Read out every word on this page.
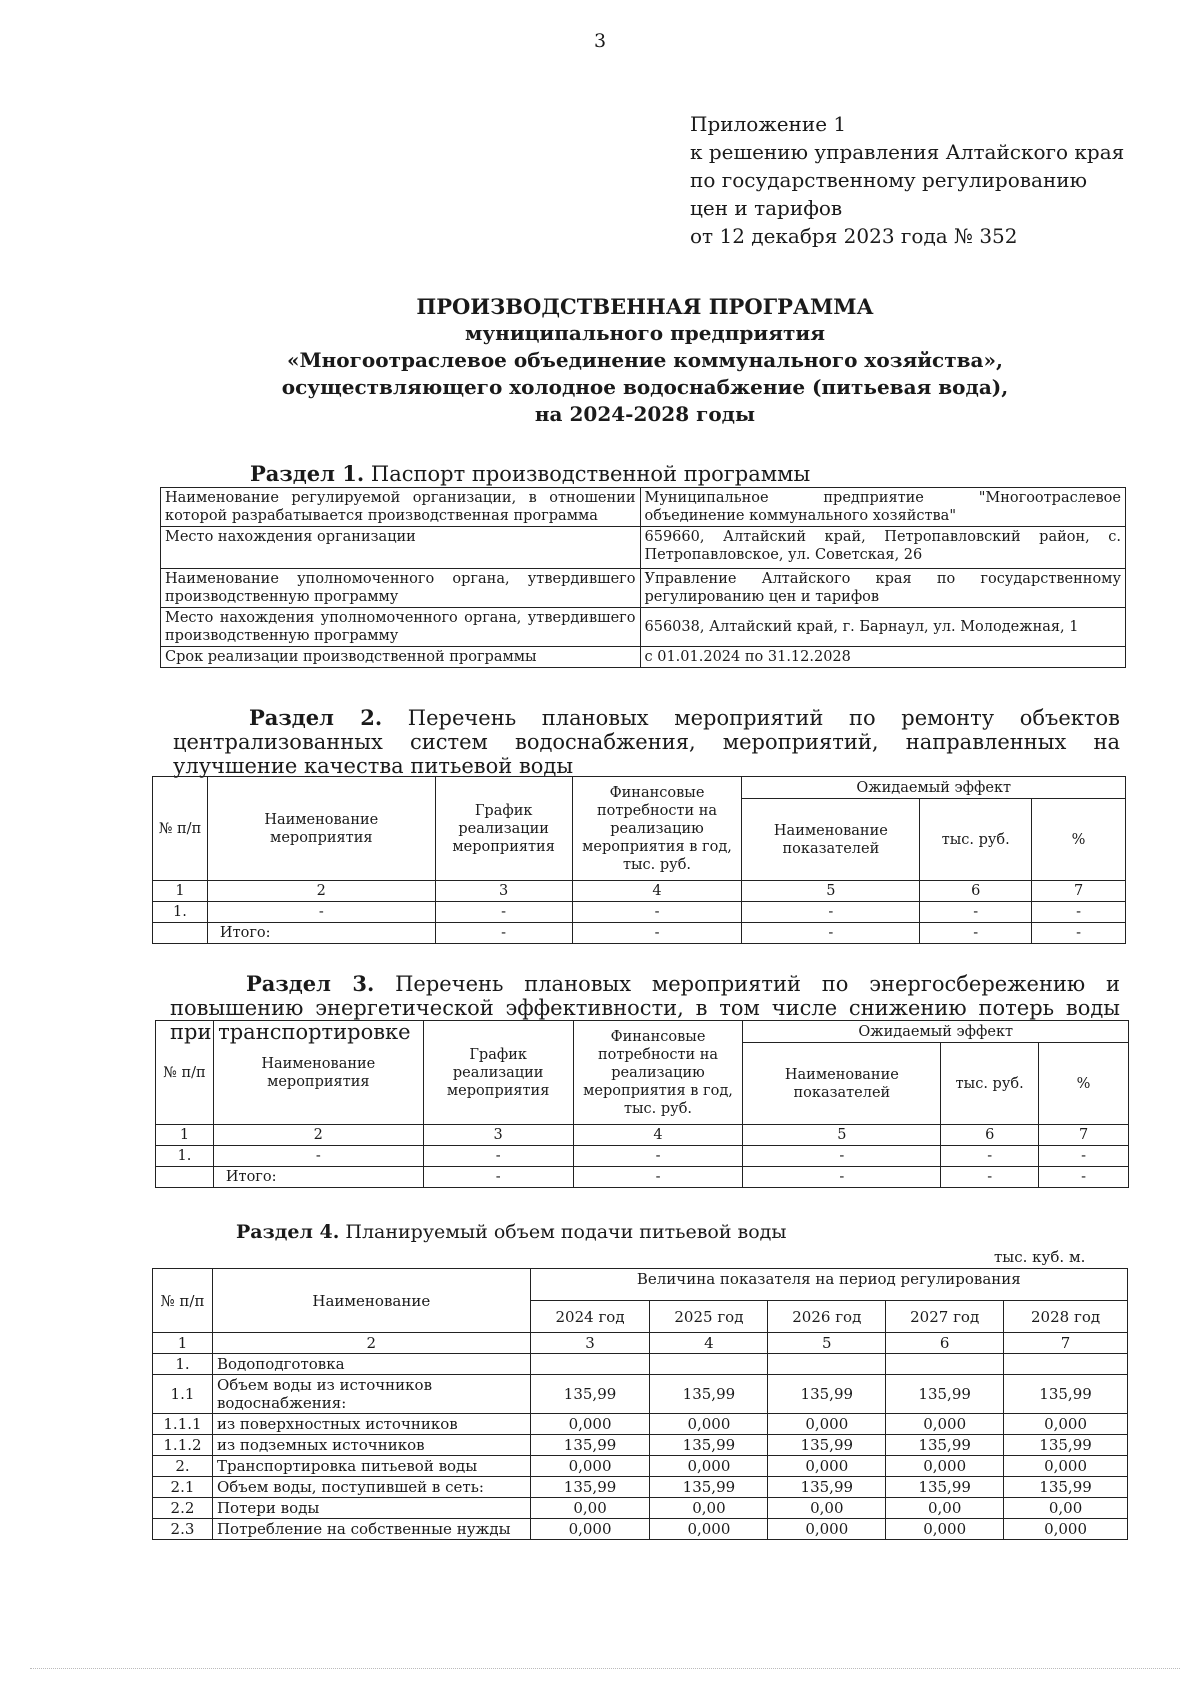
3
Приложение 1
к решению управления Алтайского края
по государственному регулированию
цен и тарифов
от 12 декабря 2023 года № 352
ПРОИЗВОДСТВЕННАЯ ПРОГРАММА
муниципального предприятия
«Многоотраслевое объединение коммунального хозяйства»,
осуществляющего холодное водоснабжение (питьевая вода),
на 2024-2028 годы
Раздел 1. Паспорт производственной программы
Наименование регулируемой организации, в отношении которой разрабатывается производственная программа	Муниципальное предприятие "Многоотраслевое объединение коммунального хозяйства"
Место нахождения организации	659660, Алтайский край, Петропавловский район, с. Петропавловское, ул. Советская, 26
Наименование уполномоченного органа, утвердившего производственную программу	Управление Алтайского края по государственному регулированию цен и тарифов
Место нахождения уполномоченного органа, утвердившего производственную программу	656038, Алтайский край, г. Барнаул, ул. Молодежная, 1
Срок реализации производственной программы	с 01.01.2024 по 31.12.2028
Раздел 2. Перечень плановых мероприятий по ремонту объектов централизованных систем водоснабжения, мероприятий, направленных на улучшение качества питьевой воды
№ п/п	Наименование мероприятия	График реализации мероприятия	Финансовые потребности на реализацию мероприятия в год, тыс. руб.	Ожидаемый эффект		
				Наименование показателей	тыс. руб.	%
1	2	3	4	5	6	7
1.	-	-	-	-	-	-
	Итого:	-	-	-	-	-
Раздел 3. Перечень плановых мероприятий по энергосбережению и повышению энергетической эффективности, в том числе снижению потерь воды при транспортировке
№ п/п	Наименование мероприятия	График реализации мероприятия	Финансовые потребности на реализацию мероприятия в год, тыс. руб.	Ожидаемый эффект		
				Наименование показателей	тыс. руб.	%
1	2	3	4	5	6	7
1.	-	-	-	-	-	-
	Итого:	-	-	-	-	-
Раздел 4. Планируемый объем подачи питьевой воды
тыс. куб. м.
№ п/п	Наименование	Величина показателя на период регулирования				
		2024 год	2025 год	2026 год	2027 год	2028 год
1	2	3	4	5	6	7
1.	Водоподготовка					
1.1	Объем воды из источников водоснабжения:	135,99	135,99	135,99	135,99	135,99
1.1.1	из поверхностных источников	0,000	0,000	0,000	0,000	0,000
1.1.2	из подземных источников	135,99	135,99	135,99	135,99	135,99
2.	Транспортировка питьевой воды	0,000	0,000	0,000	0,000	0,000
2.1	Объем воды, поступившей в сеть:	135,99	135,99	135,99	135,99	135,99
2.2	Потери воды	0,00	0,00	0,00	0,00	0,00
2.3	Потребление на собственные нужды	0,000	0,000	0,000	0,000	0,000
